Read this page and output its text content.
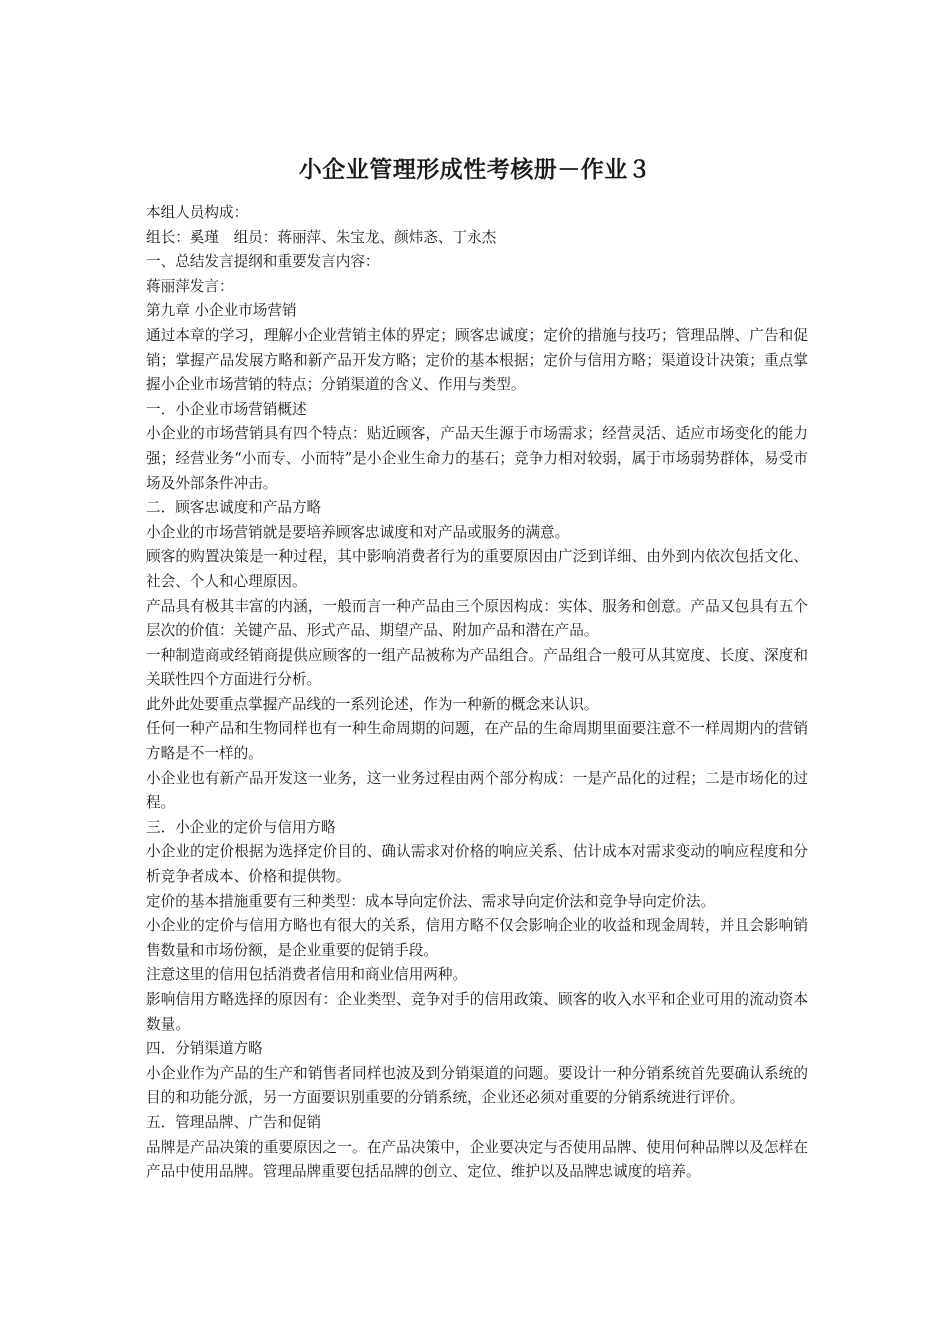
小企业管理形成性考核册－作业３

本组人员构成：

组长：奚瑾　组员：蒋丽萍、朱宝龙、颜炜忞、丁永杰

一、总结发言提纲和重要发言内容：

蒋丽萍发言：

第九章 小企业市场营销

通过本章的学习，理解小企业营销主体的界定；顾客忠诚度；定价的措施与技巧；管理品牌、广告和促销；掌握产品发展方略和新产品开发方略；定价的基本根据；定价与信用方略；渠道设计决策；重点掌握小企业市场营销的特点；分销渠道的含义、作用与类型。

一．小企业市场营销概述

小企业的市场营销具有四个特点：贴近顾客，产品天生源于市场需求；经营灵活、适应市场变化的能力强；经营业务“小而专、小而特”是小企业生命力的基石；竞争力相对较弱，属于市场弱势群体，易受市场及外部条件冲击。

二．顾客忠诚度和产品方略

小企业的市场营销就是要培养顾客忠诚度和对产品或服务的满意。

顾客的购置决策是一种过程，其中影响消费者行为的重要原因由广泛到详细、由外到内依次包括文化、社会、个人和心理原因。

产品具有极其丰富的内涵，一般而言一种产品由三个原因构成：实体、服务和创意。产品又包具有五个层次的价值：关键产品、形式产品、期望产品、附加产品和潜在产品。

一种制造商或经销商提供应顾客的一组产品被称为产品组合。产品组合一般可从其宽度、长度、深度和关联性四个方面进行分析。

此外此处要重点掌握产品线的一系列论述，作为一种新的概念来认识。

任何一种产品和生物同样也有一种生命周期的问题，在产品的生命周期里面要注意不一样周期内的营销方略是不一样的。

小企业也有新产品开发这一业务，这一业务过程由两个部分构成：一是产品化的过程；二是市场化的过程。

三．小企业的定价与信用方略

小企业的定价根据为选择定价目的、确认需求对价格的响应关系、估计成本对需求变动的响应程度和分析竞争者成本、价格和提供物。

定价的基本措施重要有三种类型：成本导向定价法、需求导向定价法和竞争导向定价法。

小企业的定价与信用方略也有很大的关系，信用方略不仅会影响企业的收益和现金周转，并且会影响销售数量和市场份额，是企业重要的促销手段。

注意这里的信用包括消费者信用和商业信用两种。

影响信用方略选择的原因有：企业类型、竞争对手的信用政策、顾客的收入水平和企业可用的流动资本数量。

四．分销渠道方略

小企业作为产品的生产和销售者同样也波及到分销渠道的问题。要设计一种分销系统首先要确认系统的目的和功能分派，另一方面要识别重要的分销系统，企业还必须对重要的分销系统进行评价。

五．管理品牌、广告和促销

品牌是产品决策的重要原因之一。在产品决策中，企业要决定与否使用品牌、使用何种品牌以及怎样在产品中使用品牌。管理品牌重要包括品牌的创立、定位、维护以及品牌忠诚度的培养。
